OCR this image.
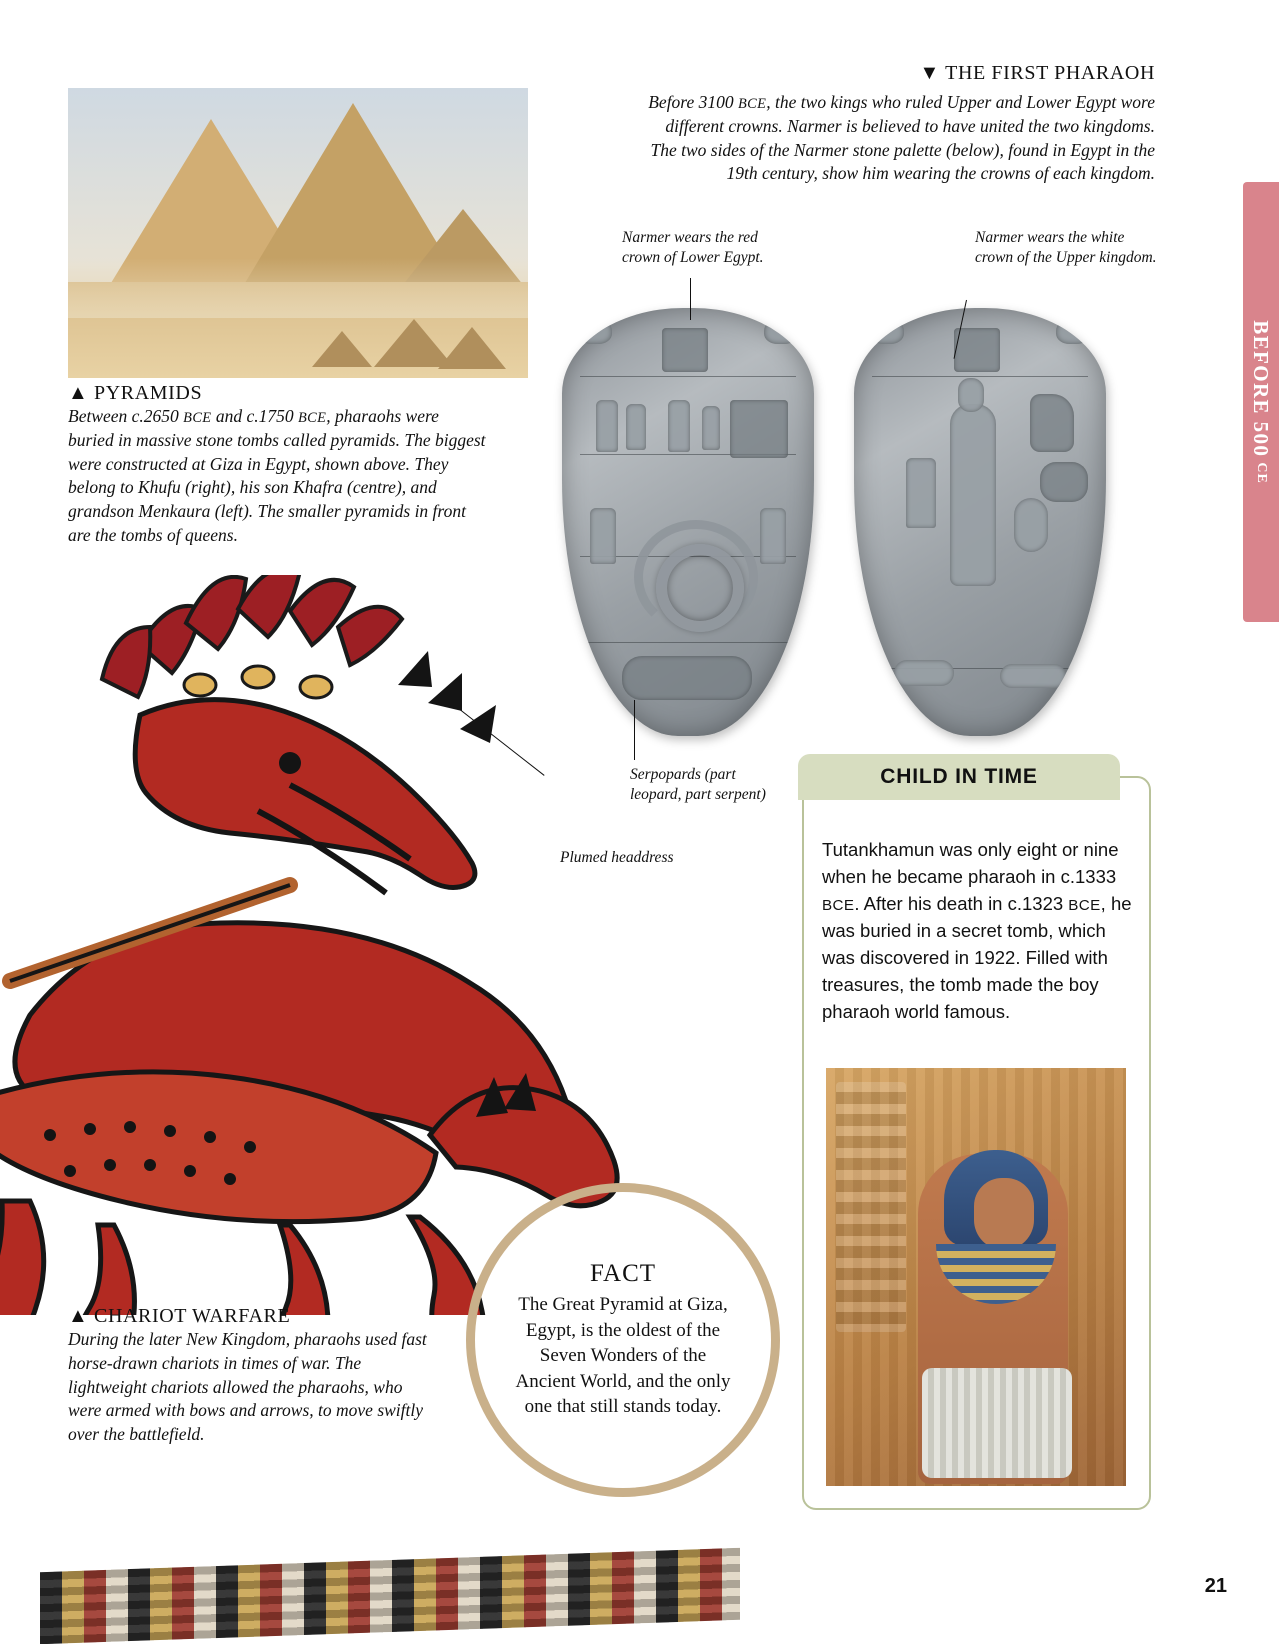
BEFORE 500
CE
▼ THE FIRST PHARAOH
Before 3100 BCE, the two kings who ruled Upper and Lower Egypt wore different crowns. Narmer is believed to have united the two kingdoms. The two sides of the Narmer stone palette (below), found in Egypt in the 19th century, show him wearing the crowns of each kingdom.
▲ PYRAMIDS
Between c.2650 BCE and c.1750 BCE, pharaohs were buried in massive stone tombs called pyramids. The biggest were constructed at Giza in Egypt, shown above. They belong to Khufu (right), his son Khafra (centre), and grandson Menkaura (left). The smaller pyramids in front are the tombs of queens.
Narmer wears the red crown of Lower Egypt.
Narmer wears the white crown of the Upper kingdom.
Serpopards (part leopard, part serpent)
Plumed headdress
▲ CHARIOT WARFARE
During the later New Kingdom, pharaohs used fast horse-drawn chariots in times of war. The lightweight chariots allowed the pharaohs, who were armed with bows and arrows, to move swiftly over the battlefield.
FACT
The Great Pyramid at Giza, Egypt, is the oldest of the Seven Wonders of the Ancient World, and the only one that still stands today.
CHILD IN TIME
Tutankhamun was only eight or nine when he became pharaoh in c.1333 BCE. After his death in c.1323 BCE, he was buried in a secret tomb, which was discovered in 1922. Filled with treasures, the tomb made the boy pharaoh world famous.
21
